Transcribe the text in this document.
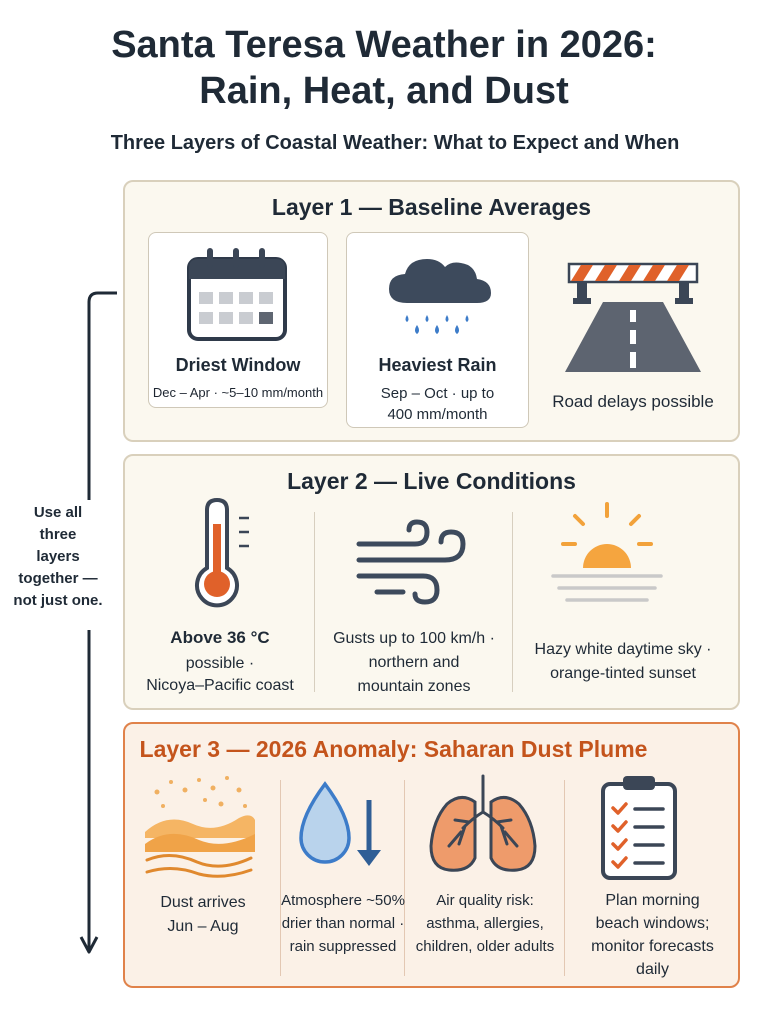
Santa Teresa Weather in 2026:
Rain, Heat, and Dust
Three Layers of Coastal Weather: What to Expect and When
Use all
three
layers
together —
not just one.
Layer 1 — Baseline Averages
Driest Window
Dec – Apr · ~5–10 mm/month
Heaviest Rain
Sep – Oct · up to
400 mm/month
Road delays possible
Layer 2 — Live Conditions
Above 36 °C
possible ·
Nicoya–Pacific coast
Gusts up to 100 km/h ·
northern and
mountain zones
Hazy white daytime sky ·
orange-tinted sunset
Layer 3 — 2026 Anomaly: Saharan Dust Plume
Dust arrives
Jun – Aug
Atmosphere ~50%
drier than normal ·
rain suppressed
Air quality risk:
asthma, allergies,
children, older adults
Plan morning
beach windows;
monitor forecasts
daily
